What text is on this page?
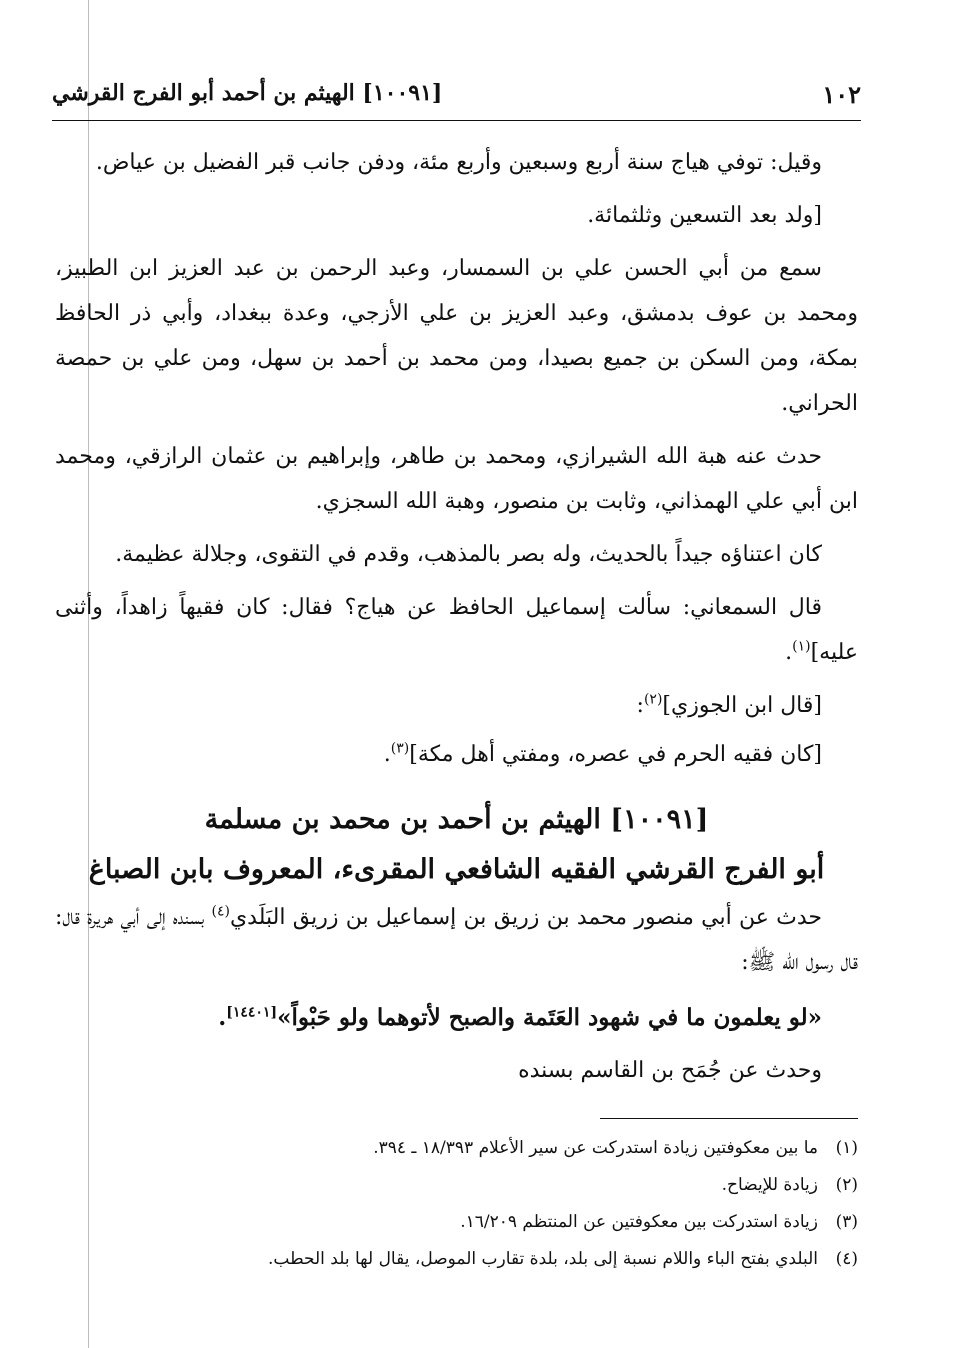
١٠٢
[١٠٠٩١] الهيثم بن أحمد أبو الفرج القرشي

وقيل: توفي هياج سنة أربع وسبعين وأربع مئة، ودفن جانب قبر الفضيل بن عياض.

[ولد بعد التسعين وثلثمائة.

سمع من أبي الحسن علي بن السمسار، وعبد الرحمن بن عبد العزيز ابن الطبيز، ومحمد بن عوف بدمشق، وعبد العزيز بن علي الأزجي، وعدة ببغداد، وأبي ذر الحافظ بمكة، ومن السكن بن جميع بصيدا، ومن محمد بن أحمد بن سهل، ومن علي بن حمصة الحراني.

حدث عنه هبة الله الشيرازي، ومحمد بن طاهر، وإبراهيم بن عثمان الرازقي، ومحمد ابن أبي علي الهمذاني، وثابت بن منصور، وهبة الله السجزي.

كان اعتناؤه جيداً بالحديث، وله بصر بالمذهب، وقدم في التقوى، وجلالة عظيمة.

قال السمعاني: سألت إسماعيل الحافظ عن هياج؟ فقال: كان فقيهاً زاهداً، وأثنى عليه]$^{(١)}$.

[قال ابن الجوزي]$^{(٢)}$:

[كان فقيه الحرم في عصره، ومفتي أهل مكة]$^{(٣)}$.

[١٠٠٩١] الهيثم بن أحمد بن محمد بن مسلمة
أبو الفرج القرشي الفقيه الشافعي المقرىء، المعروف بابن الصباغ

حدث عن أبي منصور محمد بن زريق بن إسماعيل بن زريق البَلَدي$^{(٤)}$ بسنده إلى أبي هريرة قال: قال رسول الله ﷺ:

«لو يعلمون ما في شهود العَتَمة والصبح لأتوهما ولو حَبْواً»[١٤٤٠١].

وحدث عن جُمَح بن القاسم بسنده

(١)ما بين معكوفتين زيادة استدركت عن سير الأعلام ١٨/٣٩٣ ـ ٣٩٤.
(٢)زيادة للإيضاح.
(٣)زيادة استدركت بين معكوفتين عن المنتظم ١٦/٢٠٩.
(٤)البلدي بفتح الباء واللام نسبة إلى بلد، بلدة تقارب الموصل، يقال لها بلد الحطب.
